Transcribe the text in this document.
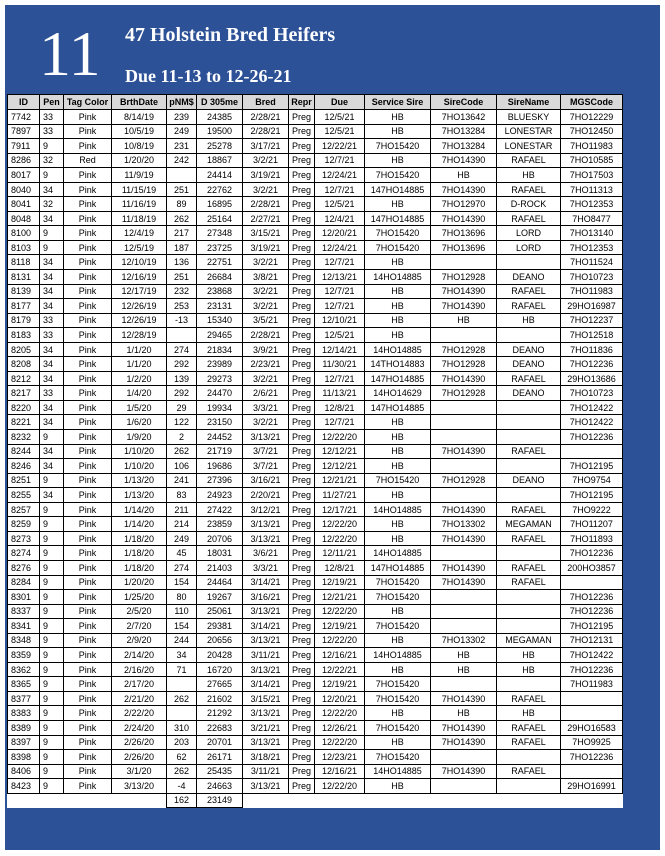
11 47 Holstein Bred Heifers
Due 11-13 to 12-26-21
ID	Pen	Tag Color	BrthDate	pNM$	D 305me	Bred	Repr	Due	Service Sire	SireCode	SireName	MGSCode
7742	33	Pink	8/14/19	239	24385	2/28/21	Preg	12/5/21	HB	7HO13642	BLUESKY	7HO12229
7897	33	Pink	10/5/19	249	19500	2/28/21	Preg	12/5/21	HB	7HO13284	LONESTAR	7HO12450
7911	9	Pink	10/8/19	231	25278	3/17/21	Preg	12/22/21	7HO15420	7HO13284	LONESTAR	7HO11983
8286	32	Red	1/20/20	242	18867	3/2/21	Preg	12/7/21	HB	7HO14390	RAFAEL	7HO10585
8017	9	Pink	11/9/19		24414	3/19/21	Preg	12/24/21	7HO15420	HB	HB	7HO17503
8040	34	Pink	11/15/19	251	22762	3/2/21	Preg	12/7/21	147HO14885	7HO14390	RAFAEL	7HO11313
8041	32	Pink	11/16/19	89	16895	2/28/21	Preg	12/5/21	HB	7HO12970	D-ROCK	7HO12353
8048	34	Pink	11/18/19	262	25164	2/27/21	Preg	12/4/21	147HO14885	7HO14390	RAFAEL	7HO8477
8100	9	Pink	12/4/19	217	27348	3/15/21	Preg	12/20/21	7HO15420	7HO13696	LORD	7HO13140
8103	9	Pink	12/5/19	187	23725	3/19/21	Preg	12/24/21	7HO15420	7HO13696	LORD	7HO12353
8118	34	Pink	12/10/19	136	22751	3/2/21	Preg	12/7/21	HB			7HO11524
8131	34	Pink	12/16/19	251	26684	3/8/21	Preg	12/13/21	14HO14885	7HO12928	DEANO	7HO10723
8139	34	Pink	12/17/19	232	23868	3/2/21	Preg	12/7/21	HB	7HO14390	RAFAEL	7HO11983
8177	34	Pink	12/26/19	253	23131	3/2/21	Preg	12/7/21	HB	7HO14390	RAFAEL	29HO16987
8179	33	Pink	12/26/19	-13	15340	3/5/21	Preg	12/10/21	HB	HB	HB	7HO12237
8183	33	Pink	12/28/19		29465	2/28/21	Preg	12/5/21	HB			7HO12518
8205	34	Pink	1/1/20	274	21834	3/9/21	Preg	12/14/21	14HO14885	7HO12928	DEANO	7HO11836
8208	34	Pink	1/1/20	292	23989	2/23/21	Preg	11/30/21	14THO14883	7HO12928	DEANO	7HO12236
8212	34	Pink	1/2/20	139	29273	3/2/21	Preg	12/7/21	147HO14885	7HO14390	RAFAEL	29HO13686
8217	33	Pink	1/4/20	292	24470	2/6/21	Preg	11/13/21	14HO14629	7HO12928	DEANO	7HO10723
8220	34	Pink	1/5/20	29	19934	3/3/21	Preg	12/8/21	147HO14885			7HO12422
8221	34	Pink	1/6/20	122	23150	3/2/21	Preg	12/7/21	HB			7HO12422
8232	9	Pink	1/9/20	2	24452	3/13/21	Preg	12/22/20	HB			7HO12236
8244	34	Pink	1/10/20	262	21719	3/7/21	Preg	12/12/21	HB	7HO14390	RAFAEL	
8246	34	Pink	1/10/20	106	19686	3/7/21	Preg	12/12/21	HB			7HO12195
8251	9	Pink	1/13/20	241	27396	3/16/21	Preg	12/21/21	7HO15420	7HO12928	DEANO	7HO9754
8255	34	Pink	1/13/20	83	24923	2/20/21	Preg	11/27/21	HB			7HO12195
8257	9	Pink	1/14/20	211	27422	3/12/21	Preg	12/17/21	14HO14885	7HO14390	RAFAEL	7HO9222
8259	9	Pink	1/14/20	214	23859	3/13/21	Preg	12/22/20	HB	7HO13302	MEGAMAN	7HO11207
8273	9	Pink	1/18/20	249	20706	3/13/21	Preg	12/22/20	HB	7HO14390	RAFAEL	7HO11893
8274	9	Pink	1/18/20	45	18031	3/6/21	Preg	12/11/21	14HO14885			7HO12236
8276	9	Pink	1/18/20	274	21403	3/3/21	Preg	12/8/21	147HO14885	7HO14390	RAFAEL	200HO3857
8284	9	Pink	1/20/20	154	24464	3/14/21	Preg	12/19/21	7HO15420	7HO14390	RAFAEL	
8301	9	Pink	1/25/20	80	19267	3/16/21	Preg	12/21/21	7HO15420			7HO12236
8337	9	Pink	2/5/20	110	25061	3/13/21	Preg	12/22/20	HB			7HO12236
8341	9	Pink	2/7/20	154	29381	3/14/21	Preg	12/19/21	7HO15420			7HO12195
8348	9	Pink	2/9/20	244	20656	3/13/21	Preg	12/22/20	HB	7HO13302	MEGAMAN	7HO12131
8359	9	Pink	2/14/20	34	20428	3/11/21	Preg	12/16/21	14HO14885	HB	HB	7HO12422
8362	9	Pink	2/16/20	71	16720	3/13/21	Preg	12/22/21	HB	HB	HB	7HO12236
8365	9	Pink	2/17/20		27665	3/14/21	Preg	12/19/21	7HO15420			7HO11983
8377	9	Pink	2/21/20	262	21602	3/15/21	Preg	12/20/21	7HO15420	7HO14390	RAFAEL	
8383	9	Pink	2/22/20		21292	3/13/21	Preg	12/22/20	HB	HB	HB	
8389	9	Pink	2/24/20	310	22683	3/21/21	Preg	12/26/21	7HO15420	7HO14390	RAFAEL	29HO16583
8397	9	Pink	2/26/20	203	20701	3/13/21	Preg	12/22/20	HB	7HO14390	RAFAEL	7HO9925
8398	9	Pink	2/26/20	62	26171	3/18/21	Preg	12/23/21	7HO15420			7HO12236
8406	9	Pink	3/1/20	262	25435	3/11/21	Preg	12/16/21	14HO14885	7HO14390	RAFAEL	
8423	9	Pink	3/13/20	-4	24663	3/13/21	Preg	12/22/20	HB			29HO16991
				162	23149							
